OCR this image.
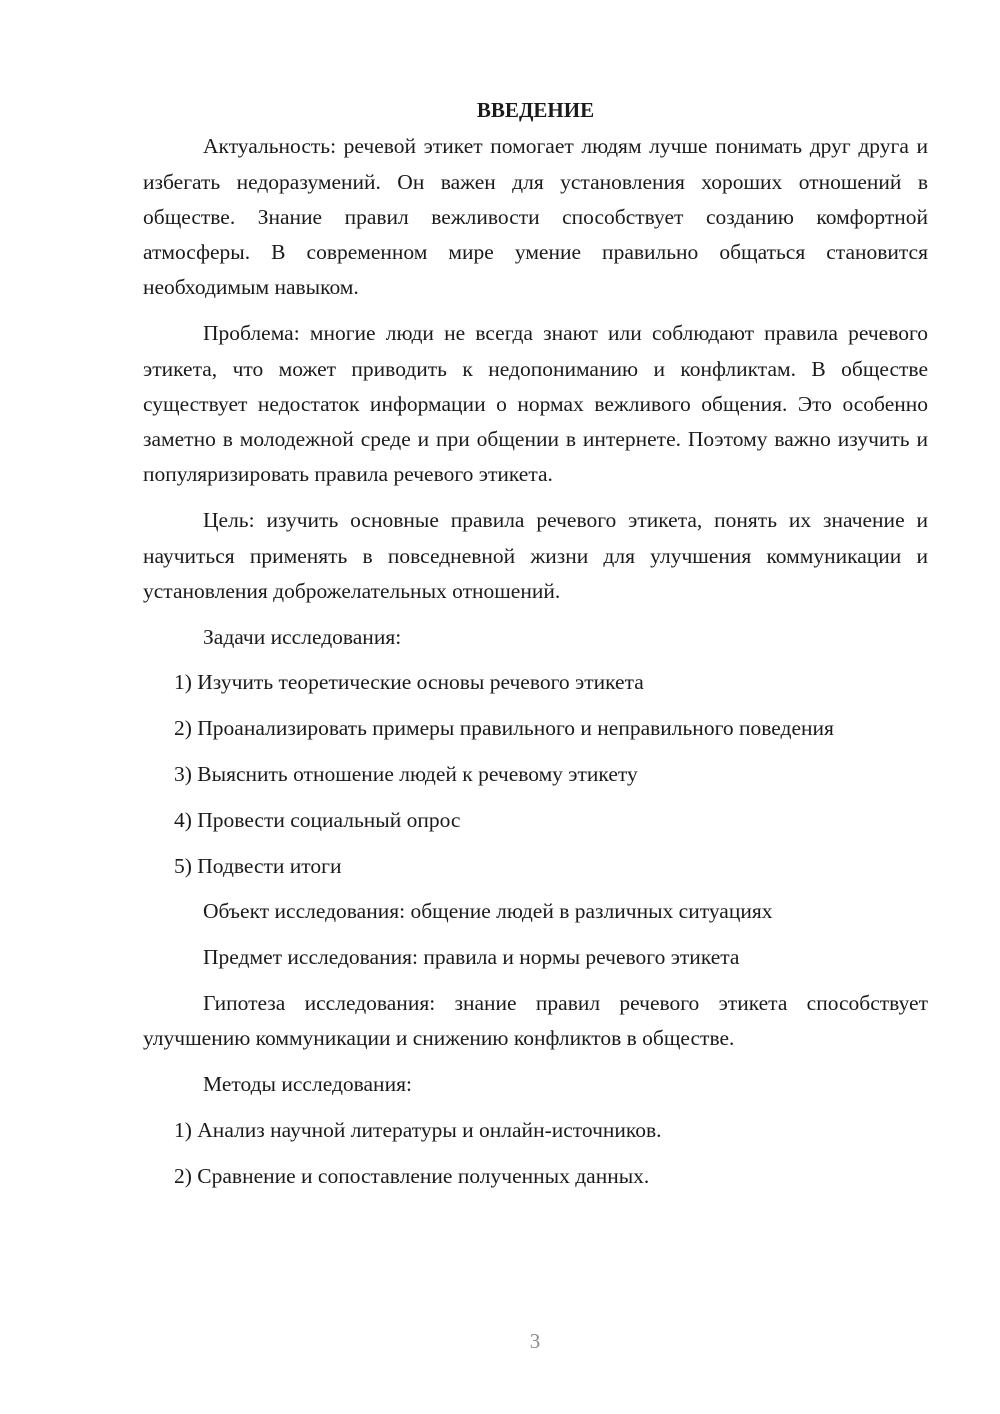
ВВЕДЕНИЕ

Актуальность: речевой этикет помогает людям лучше понимать друг друга и избегать недоразумений. Он важен для установления хороших отношений в обществе. Знание правил вежливости способствует созданию комфортной атмосферы. В современном мире умение правильно общаться становится необходимым навыком.

Проблема: многие люди не всегда знают или соблюдают правила речевого этикета, что может приводить к недопониманию и конфликтам. В обществе существует недостаток информации о нормах вежливого общения. Это особенно заметно в молодежной среде и при общении в интернете. Поэтому важно изучить и популяризировать правила речевого этикета.

Цель: изучить основные правила речевого этикета, понять их значение и научиться применять в повседневной жизни для улучшения коммуникации и установления доброжелательных отношений.

Задачи исследования:

1) Изучить теоретические основы речевого этикета

2) Проанализировать примеры правильного и неправильного поведения

3) Выяснить отношение людей к речевому этикету

4) Провести социальный опрос

5) Подвести итоги

Объект исследования: общение людей в различных ситуациях

Предмет исследования: правила и нормы речевого этикета

Гипотеза исследования: знание правил речевого этикета способствует улучшению коммуникации и снижению конфликтов в обществе.

Методы исследования:

1) Анализ научной литературы и онлайн-источников.

2) Сравнение и сопоставление полученных данных.

3
